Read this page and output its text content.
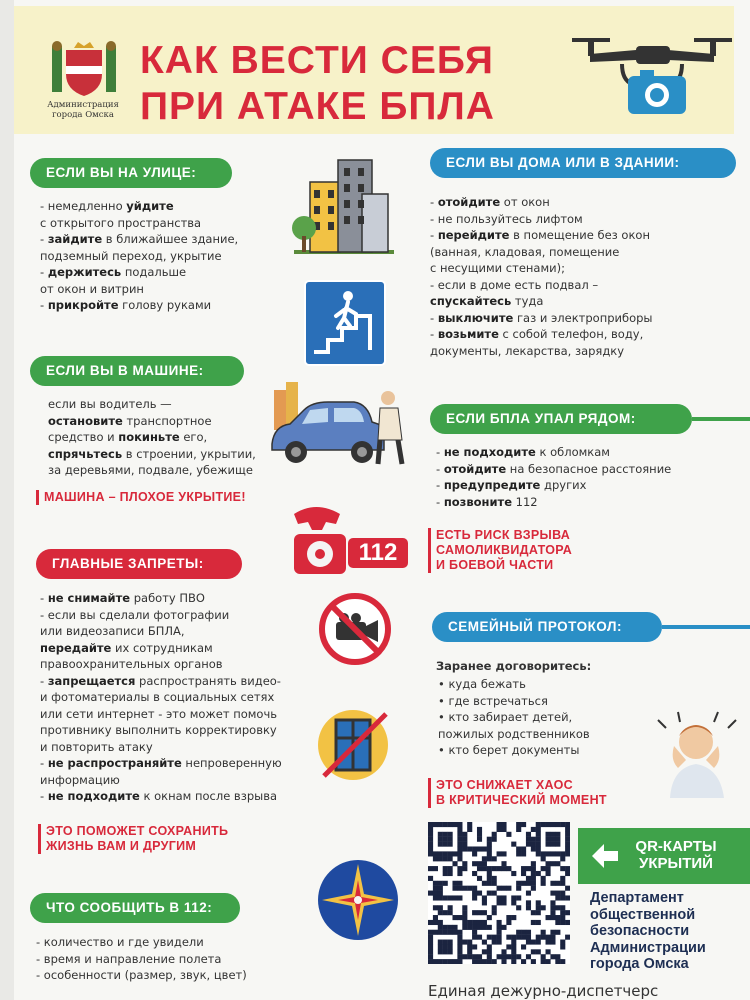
Администрация города Омска
КАК ВЕСТИ СЕБЯ
ПРИ АТАКЕ БПЛА
ЕСЛИ ВЫ НА УЛИЦЕ:
- немедленно уйдите
с открытого пространства
- зайдите в ближайшее здание,
подземный переход, укрытие
- держитесь подальше
от окон и витрин
- прикройте голову руками
ЕСЛИ ВЫ ДОМА ИЛИ В ЗДАНИИ:
- отойдите от окон
- не пользуйтесь лифтом
- перейдите в помещение без окон
(ванная, кладовая, помещение
с несущими стенами);
- если в доме есть подвал –
спускайтесь туда
- выключите газ и электроприборы
- возьмите с собой телефон, воду,
документы, лекарства, зарядку
ЕСЛИ ВЫ В МАШИНЕ:
если вы водитель —
остановите транспортное
средство и покиньте его,
спрячьтесь в строении, укрытии,
за деревьями, подвале, убежище
МАШИНА – ПЛОХОЕ УКРЫТИЕ!
ЕСЛИ БПЛА УПАЛ РЯДОМ:
- не подходите к обломкам
- отойдите на безопасное расстояние
- предупредите других
- позвоните 112
ЕСТЬ РИСК ВЗРЫВА
САМОЛИКВИДАТОРА
И БОЕВОЙ ЧАСТИ
112
ГЛАВНЫЕ ЗАПРЕТЫ:
- не снимайте работу ПВО
- если вы сделали фотографии
или видеозаписи БПЛА,
передайте их сотрудникам
правоохранительных органов
- запрещается распространять видео-
и фотоматериалы в социальных сетях
или сети интернет - это может помочь
противнику выполнить корректировку
и повторить атаку
- не распространяйте непроверенную
информацию
- не подходите к окнам после взрыва
ЭТО ПОМОЖЕТ СОХРАНИТЬ
ЖИЗНЬ ВАМ И ДРУГИМ
СЕМЕЙНЫЙ ПРОТОКОЛ:
Заранее договоритесь:
• куда бежать
• где встречаться
• кто забирает детей,
пожилых родственников
• кто берет документы
ЭТО СНИЖАЕТ ХАОС
В КРИТИЧЕСКИЙ МОМЕНТ
ЧТО СООБЩИТЬ В 112:
- количество и где увидели
- время и направление полета
- особенности (размер, звук, цвет)
QR-КАРТЫ
УКРЫТИЙ
Департамент
общественной
безопасности
Администрации
города Омска
Единая дежурно-диспетчерс
